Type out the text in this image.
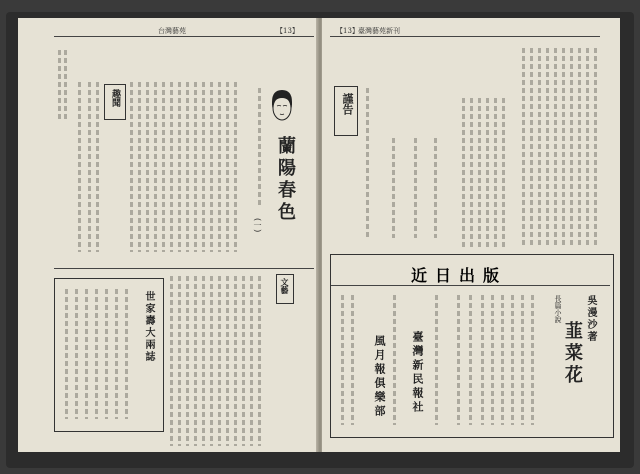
台灣藝苑	【13】
趣聞
蘭陽春色
(一)
文藝
世家壽大兩誌
【13】 臺灣藝苑新刊
謹告
近日出版
吳漫沙著
長篇小說
韮菜花
臺灣新民報社
風月報俱樂部
